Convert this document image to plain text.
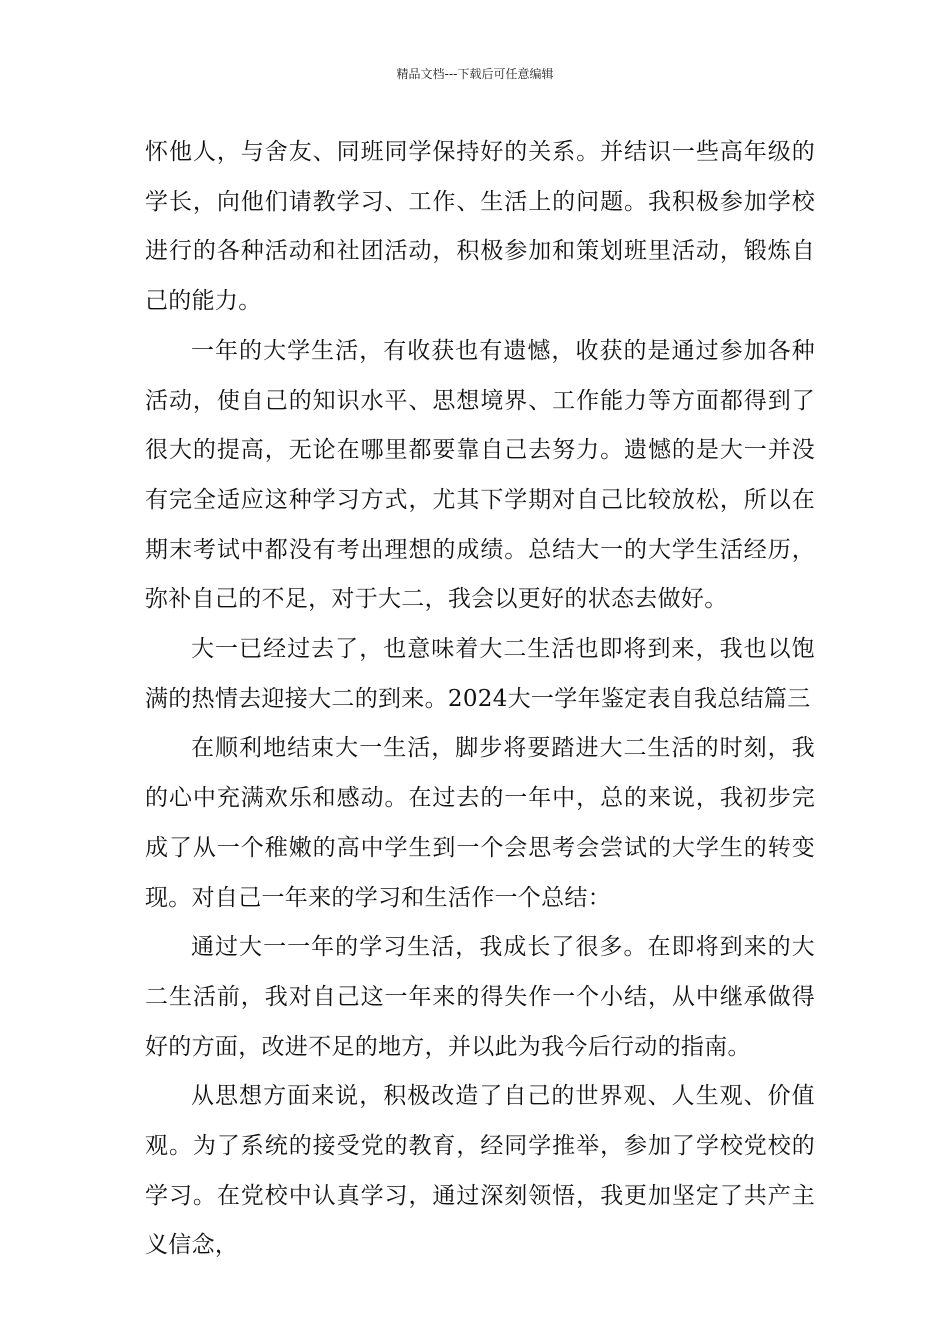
精品文档---下载后可任意编辑

怀他人，与舍友、同班同学保持好的关系。并结识一些高年级的学长，向他们请教学习、工作、生活上的问题。我积极参加学校进行的各种活动和社团活动，积极参加和策划班里活动，锻炼自己的能力。

一年的大学生活，有收获也有遗憾，收获的是通过参加各种活动，使自己的知识水平、思想境界、工作能力等方面都得到了很大的提高，无论在哪里都要靠自己去努力。遗憾的是大一并没有完全适应这种学习方式，尤其下学期对自己比较放松，所以在期末考试中都没有考出理想的成绩。总结大一的大学生活经历，弥补自己的不足，对于大二，我会以更好的状态去做好。

大一已经过去了，也意味着大二生活也即将到来，我也以饱满的热情去迎接大二的到来。2024大一学年鉴定表自我总结篇三

在顺利地结束大一生活，脚步将要踏进大二生活的时刻，我的心中充满欢乐和感动。在过去的一年中，总的来说，我初步完成了从一个稚嫩的高中学生到一个会思考会尝试的大学生的转变现。对自己一年来的学习和生活作一个总结：

通过大一一年的学习生活，我成长了很多。在即将到来的大二生活前，我对自己这一年来的得失作一个小结，从中继承做得好的方面，改进不足的地方，并以此为我今后行动的指南。

从思想方面来说，积极改造了自己的世界观、人生观、价值观。为了系统的接受党的教育，经同学推举，参加了学校党校的学习。在党校中认真学习，通过深刻领悟，我更加坚定了共产主义信念，
